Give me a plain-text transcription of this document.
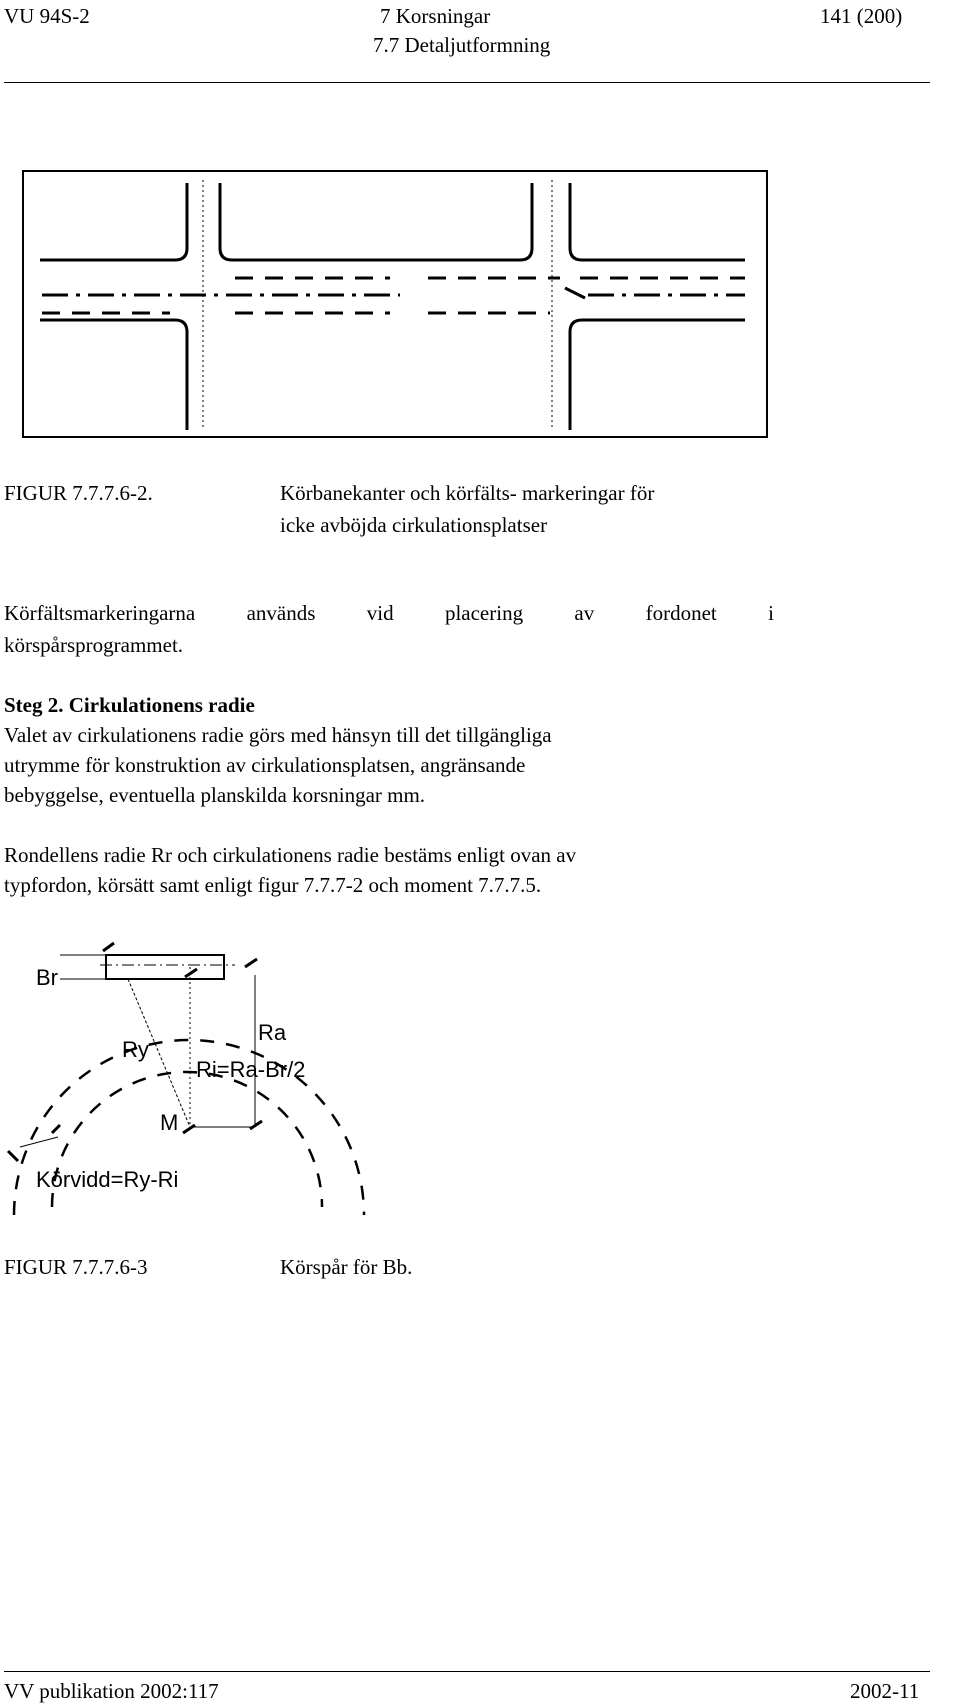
VU 94S-2	7 Korsningar
7.7 Detaljutformning
141 (200)
FIGUR 7.7.7.6-2.	Körbanekanter och körfälts- markeringar för
icke avböjda cirkulationsplatser
Körfältsmarkeringarna används vid placering av fordonet i
körspårsprogrammet.
Steg 2. Cirkulationens radie
Valet av cirkulationens radie görs med hänsyn till det tillgängliga
utrymme för konstruktion av cirkulationsplatsen, angränsande
bebyggelse, eventuella planskilda korsningar mm.
Rondellens radie Rr och cirkulationens radie bestäms enligt ovan av
typfordon, körsätt samt enligt figur 7.7.7-2 och moment 7.7.7.5.
Br
Ry
Ra
Ri=Ra-Br/2
M
Körvidd=Ry-Ri
FIGUR 7.7.7.6-3	Körspår för Bb.
VV publikation 2002:117	2002-11
